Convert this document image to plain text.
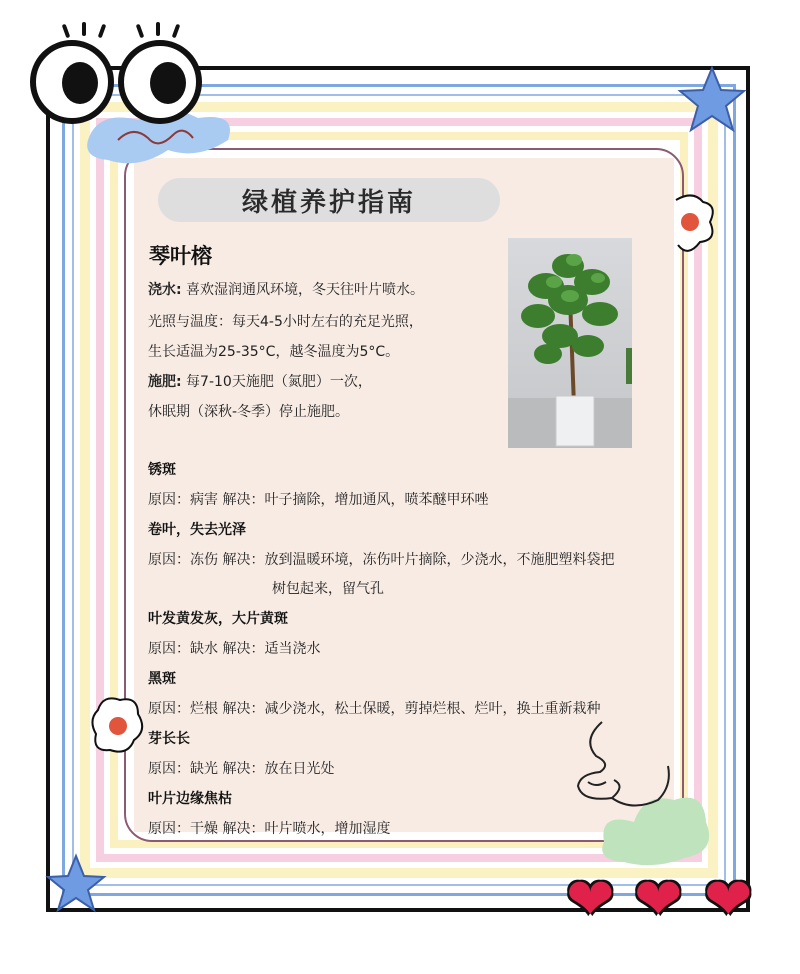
❤ ❤ ❤
绿植养护指南
琴叶榕
浇水: 喜欢湿润通风环境，冬天往叶片喷水。
光照与温度：每天4-5小时左右的充足光照，
生长适温为25-35°C，越冬温度为5°C。
施肥: 每7-10天施肥（氮肥）一次，
休眠期（深秋-冬季）停止施肥。
锈斑
原因：病害 解决：叶子摘除，增加通风，喷苯醚甲环唑
卷叶，失去光泽
原因：冻伤 解决：放到温暖环境，冻伤叶片摘除，少浇水，不施肥塑料袋把
树包起来，留气孔
叶发黄发灰，大片黄斑
原因：缺水 解决：适当浇水
黑斑
原因：烂根 解决：减少浇水，松土保暖，剪掉烂根、烂叶，换土重新栽种
芽长长
原因：缺光 解决：放在日光处
叶片边缘焦枯
原因：干燥 解决：叶片喷水，增加湿度
